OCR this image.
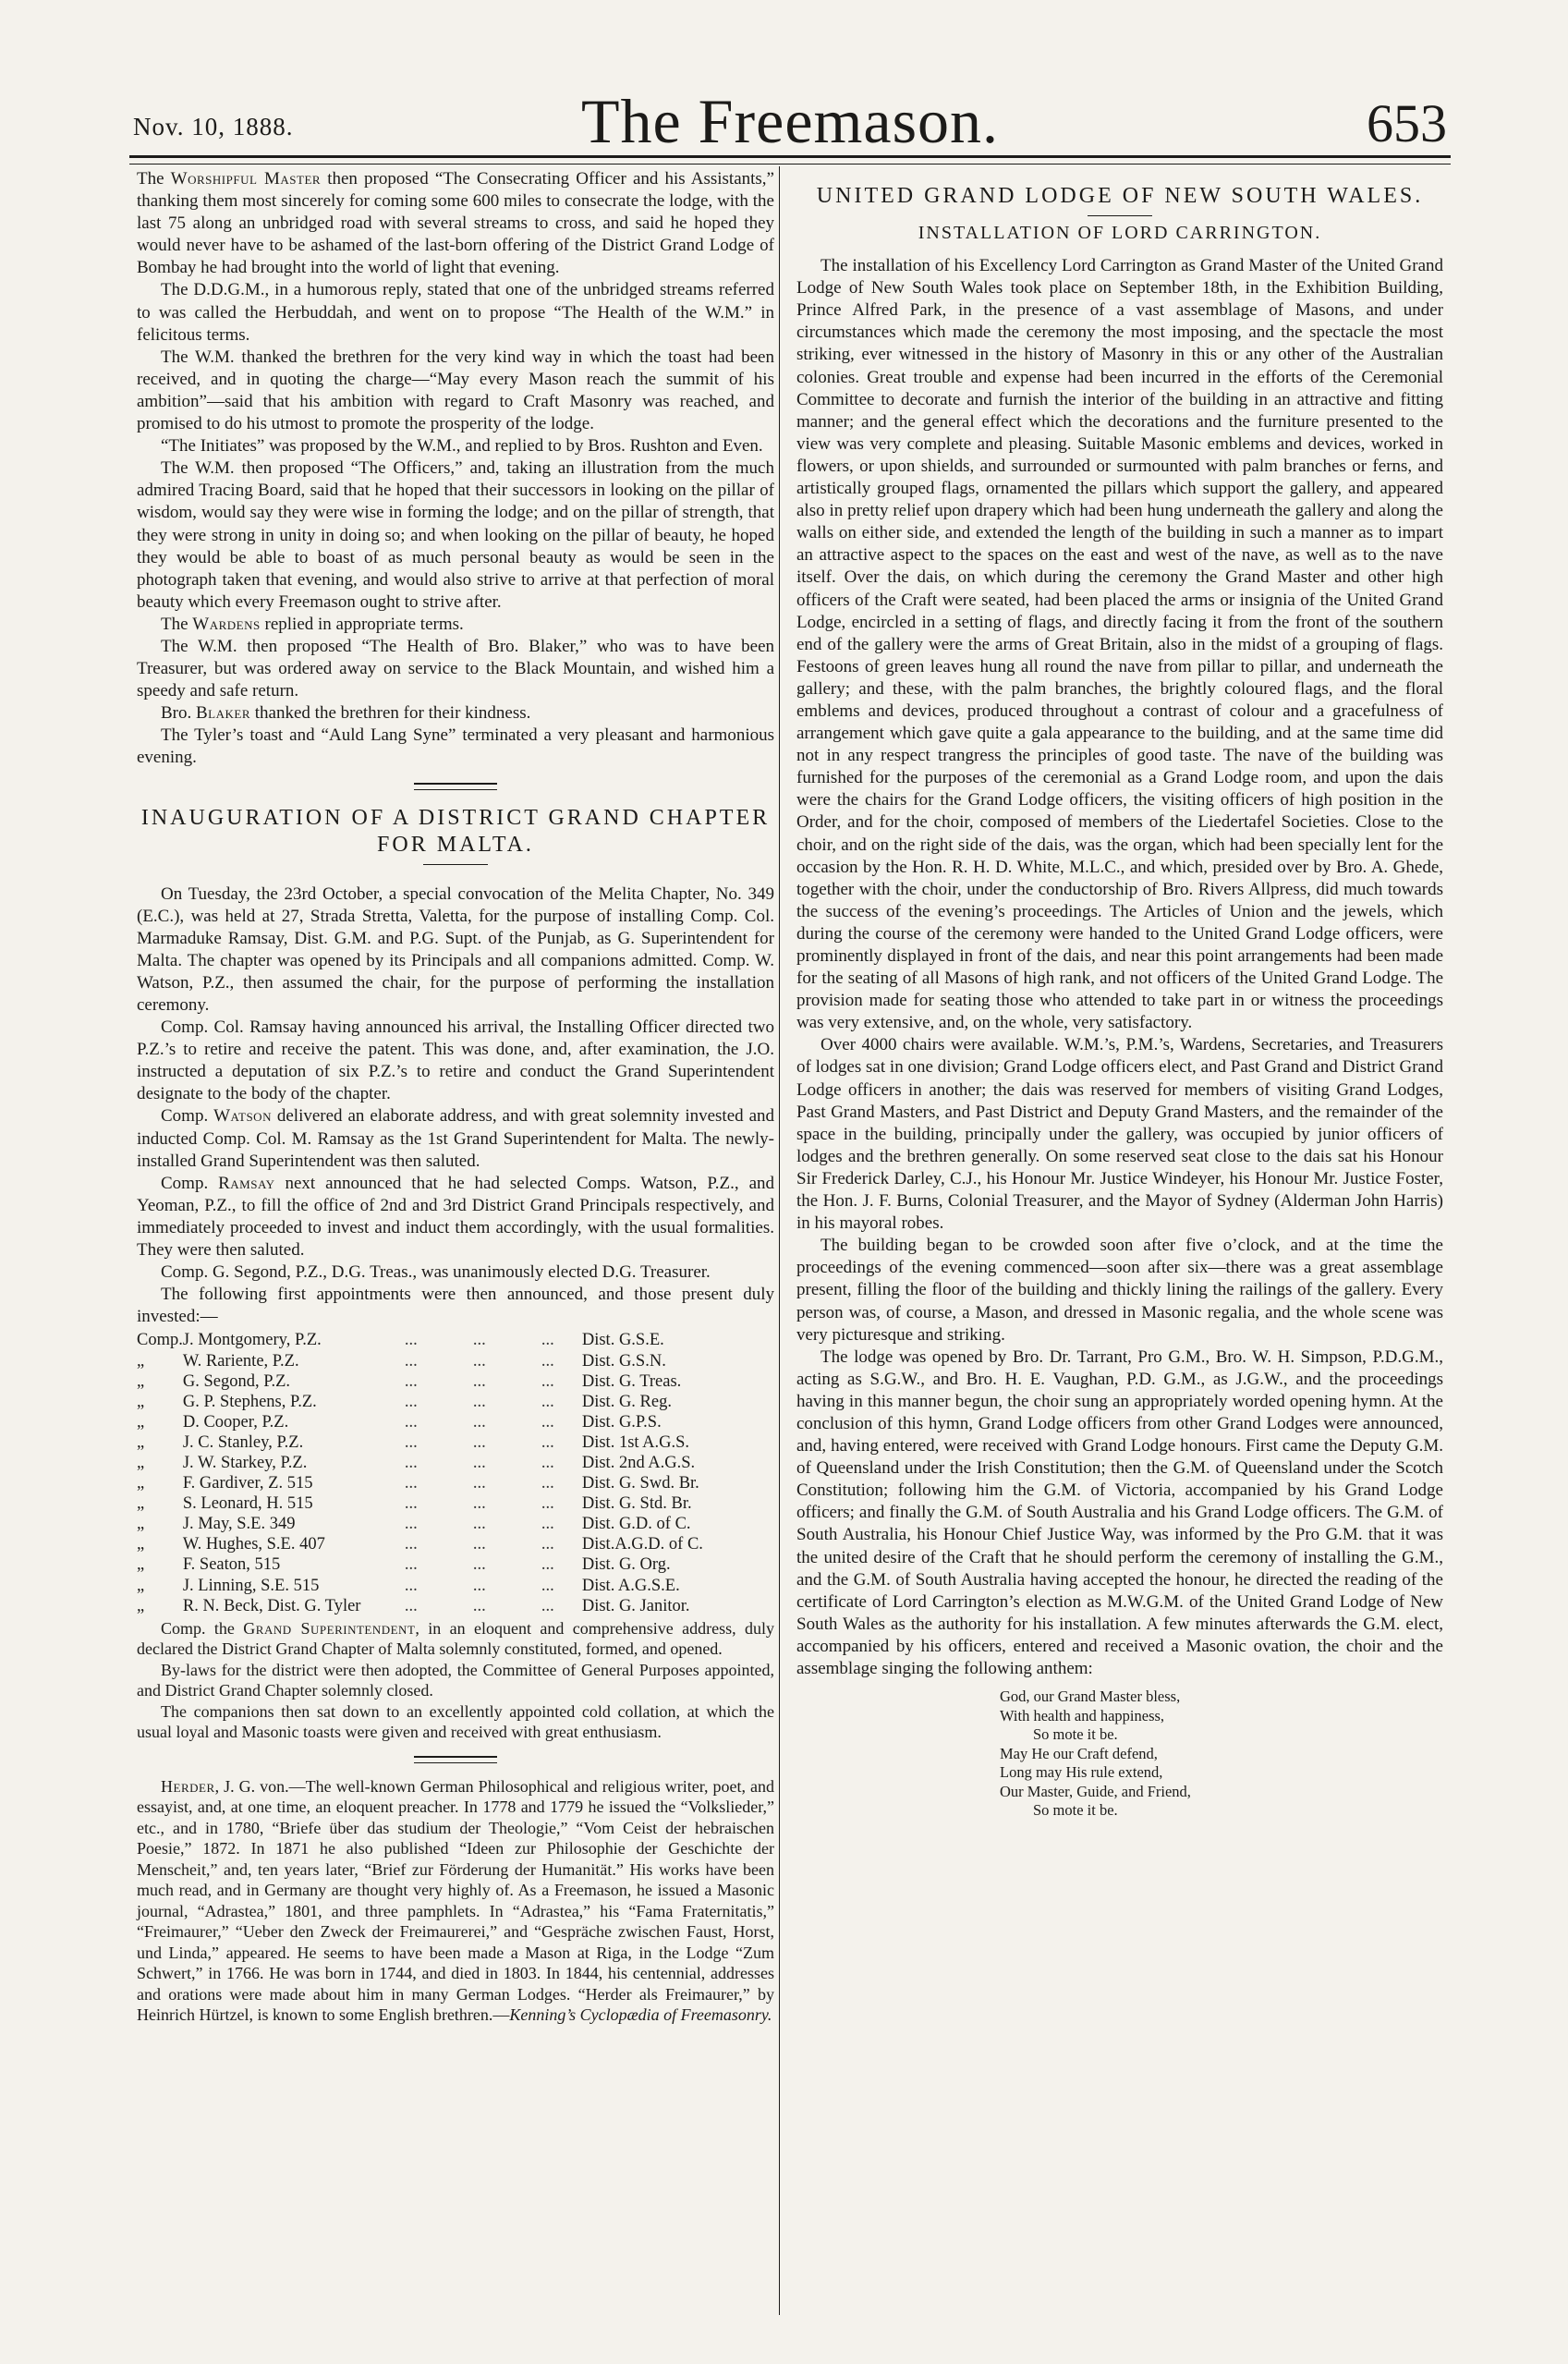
Nov. 10, 1888.	The Freemason.	653

The Worshipful Master then proposed “The Consecrating Officer and his Assistants,” thanking them most sincerely for coming some 600 miles to consecrate the lodge, with the last 75 along an unbridged road with several streams to cross, and said he hoped they would never have to be ashamed of the last-born offering of the District Grand Lodge of Bombay he had brought into the world of light that evening.

The D.D.G.M., in a humorous reply, stated that one of the unbridged streams referred to was called the Herbuddah, and went on to propose “The Health of the W.M.” in felicitous terms.

The W.M. thanked the brethren for the very kind way in which the toast had been received, and in quoting the charge—“May every Mason reach the summit of his ambition”—said that his ambition with regard to Craft Masonry was reached, and promised to do his utmost to promote the prosperity of the lodge.

“The Initiates” was proposed by the W.M., and replied to by Bros. Rushton and Even.

The W.M. then proposed “The Officers,” and, taking an illustration from the much admired Tracing Board, said that he hoped that their successors in looking on the pillar of wisdom, would say they were wise in forming the lodge; and on the pillar of strength, that they were strong in unity in doing so; and when looking on the pillar of beauty, he hoped they would be able to boast of as much personal beauty as would be seen in the photograph taken that evening, and would also strive to arrive at that perfection of moral beauty which every Freemason ought to strive after.

The Wardens replied in appropriate terms.

The W.M. then proposed “The Health of Bro. Blaker,” who was to have been Treasurer, but was ordered away on service to the Black Mountain, and wished him a speedy and safe return.

Bro. Blaker thanked the brethren for their kindness.

The Tyler’s toast and “Auld Lang Syne” terminated a very pleasant and harmonious evening.

INAUGURATION OF A DISTRICT GRAND CHAPTER FOR MALTA.

On Tuesday, the 23rd October, a special convocation of the Melita Chapter, No. 349 (E.C.), was held at 27, Strada Stretta, Valetta, for the purpose of installing Comp. Col. Marmaduke Ramsay, Dist. G.M. and P.G. Supt. of the Punjab, as G. Superintendent for Malta. The chapter was opened by its Principals and all companions admitted. Comp. W. Watson, P.Z., then assumed the chair, for the purpose of performing the installation ceremony.

Comp. Col. Ramsay having announced his arrival, the Installing Officer directed two P.Z.’s to retire and receive the patent. This was done, and, after examination, the J.O. instructed a deputation of six P.Z.’s to retire and conduct the Grand Superintendent designate to the body of the chapter.

Comp. Watson delivered an elaborate address, and with great solemnity invested and inducted Comp. Col. M. Ramsay as the 1st Grand Superintendent for Malta. The newly-installed Grand Superintendent was then saluted.

Comp. Ramsay next announced that he had selected Comps. Watson, P.Z., and Yeoman, P.Z., to fill the office of 2nd and 3rd District Grand Principals respectively, and immediately proceeded to invest and induct them accordingly, with the usual formalities. They were then saluted.

Comp. G. Segond, P.Z., D.G. Treas., was unanimously elected D.G. Treasurer.

The following first appointments were then announced, and those present duly invested:—

Comp.	J. Montgomery, P.Z.	...	...	...	Dist. G.S.E.
„	W. Rariente, P.Z.	...	...	...	Dist. G.S.N.
„	G. Segond, P.Z.	...	...	...	Dist. G. Treas.
„	G. P. Stephens, P.Z.	...	...	...	Dist. G. Reg.
„	D. Cooper, P.Z.	...	...	...	Dist. G.P.S.
„	J. C. Stanley, P.Z.	...	...	...	Dist. 1st A.G.S.
„	J. W. Starkey, P.Z.	...	...	...	Dist. 2nd A.G.S.
„	F. Gardiver, Z. 515	...	...	...	Dist. G. Swd. Br.
„	S. Leonard, H. 515	...	...	...	Dist. G. Std. Br.
„	J. May, S.E. 349	...	...	...	Dist. G.D. of C.
„	W. Hughes, S.E. 407	...	...	...	Dist.A.G.D. of C.
„	F. Seaton, 515	...	...	...	Dist. G. Org.
„	J. Linning, S.E. 515	...	...	...	Dist. A.G.S.E.
„	R. N. Beck, Dist. G. Tyler	...	...	...	Dist. G. Janitor.

Comp. the Grand Superintendent, in an eloquent and comprehensive address, duly declared the District Grand Chapter of Malta solemnly constituted, formed, and opened.

By-laws for the district were then adopted, the Committee of General Purposes appointed, and District Grand Chapter solemnly closed.

The companions then sat down to an excellently appointed cold collation, at which the usual loyal and Masonic toasts were given and received with great enthusiasm.

Herder, J. G. von.—The well-known German Philosophical and religious writer, poet, and essayist, and, at one time, an eloquent preacher. In 1778 and 1779 he issued the “Volkslieder,” etc., and in 1780, “Briefe über das studium der Theologie,” “Vom Ceist der hebraischen Poesie,” 1872. In 1871 he also published “Ideen zur Philosophie der Geschichte der Menscheit,” and, ten years later, “Brief zur Förderung der Humanität.” His works have been much read, and in Germany are thought very highly of. As a Freemason, he issued a Masonic journal, “Adrastea,” 1801, and three pamphlets. In “Adrastea,” his “Fama Fraternitatis,” “Freimaurer,” “Ueber den Zweck der Freimaurerei,” and “Gespräche zwischen Faust, Horst, und Linda,” appeared. He seems to have been made a Mason at Riga, in the Lodge “Zum Schwert,” in 1766. He was born in 1744, and died in 1803. In 1844, his centennial, addresses and orations were made about him in many German Lodges. “Herder als Freimaurer,” by Heinrich Hürtzel, is known to some English brethren.—Kenning’s Cyclopædia of Freemasonry.

UNITED GRAND LODGE OF NEW SOUTH WALES.
INSTALLATION OF LORD CARRINGTON.

The installation of his Excellency Lord Carrington as Grand Master of the United Grand Lodge of New South Wales took place on September 18th, in the Exhibition Building, Prince Alfred Park, in the presence of a vast assemblage of Masons, and under circumstances which made the ceremony the most imposing, and the spectacle the most striking, ever witnessed in the history of Masonry in this or any other of the Australian colonies. Great trouble and expense had been incurred in the efforts of the Ceremonial Committee to decorate and furnish the interior of the building in an attractive and fitting manner; and the general effect which the decorations and the furniture presented to the view was very complete and pleasing. Suitable Masonic emblems and devices, worked in flowers, or upon shields, and surrounded or surmounted with palm branches or ferns, and artistically grouped flags, ornamented the pillars which support the gallery, and appeared also in pretty relief upon drapery which had been hung underneath the gallery and along the walls on either side, and extended the length of the building in such a manner as to impart an attractive aspect to the spaces on the east and west of the nave, as well as to the nave itself. Over the dais, on which during the ceremony the Grand Master and other high officers of the Craft were seated, had been placed the arms or insignia of the United Grand Lodge, encircled in a setting of flags, and directly facing it from the front of the southern end of the gallery were the arms of Great Britain, also in the midst of a grouping of flags. Festoons of green leaves hung all round the nave from pillar to pillar, and underneath the gallery; and these, with the palm branches, the brightly coloured flags, and the floral emblems and devices, produced throughout a contrast of colour and a gracefulness of arrangement which gave quite a gala appearance to the building, and at the same time did not in any respect trangress the principles of good taste. The nave of the building was furnished for the purposes of the ceremonial as a Grand Lodge room, and upon the dais were the chairs for the Grand Lodge officers, the visiting officers of high position in the Order, and for the choir, composed of members of the Liedertafel Societies. Close to the choir, and on the right side of the dais, was the organ, which had been specially lent for the occasion by the Hon. R. H. D. White, M.L.C., and which, presided over by Bro. A. Ghede, together with the choir, under the conductorship of Bro. Rivers Allpress, did much towards the success of the evening’s proceedings. The Articles of Union and the jewels, which during the course of the ceremony were handed to the United Grand Lodge officers, were prominently displayed in front of the dais, and near this point arrangements had been made for the seating of all Masons of high rank, and not officers of the United Grand Lodge. The provision made for seating those who attended to take part in or witness the proceedings was very extensive, and, on the whole, very satisfactory.

Over 4000 chairs were available. W.M.’s, P.M.’s, Wardens, Secretaries, and Treasurers of lodges sat in one division; Grand Lodge officers elect, and Past Grand and District Grand Lodge officers in another; the dais was reserved for members of visiting Grand Lodges, Past Grand Masters, and Past District and Deputy Grand Masters, and the remainder of the space in the building, principally under the gallery, was occupied by junior officers of lodges and the brethren generally. On some reserved seat close to the dais sat his Honour Sir Frederick Darley, C.J., his Honour Mr. Justice Windeyer, his Honour Mr. Justice Foster, the Hon. J. F. Burns, Colonial Treasurer, and the Mayor of Sydney (Alderman John Harris) in his mayoral robes.

The building began to be crowded soon after five o’clock, and at the time the proceedings of the evening commenced—soon after six—there was a great assemblage present, filling the floor of the building and thickly lining the railings of the gallery. Every person was, of course, a Mason, and dressed in Masonic regalia, and the whole scene was very picturesque and striking.

The lodge was opened by Bro. Dr. Tarrant, Pro G.M., Bro. W. H. Simpson, P.D.G.M., acting as S.G.W., and Bro. H. E. Vaughan, P.D. G.M., as J.G.W., and the proceedings having in this manner begun, the choir sung an appropriately worded opening hymn. At the conclusion of this hymn, Grand Lodge officers from other Grand Lodges were announced, and, having entered, were received with Grand Lodge honours. First came the Deputy G.M. of Queensland under the Irish Constitution; then the G.M. of Queensland under the Scotch Constitution; following him the G.M. of Victoria, accompanied by his Grand Lodge officers; and finally the G.M. of South Australia and his Grand Lodge officers. The G.M. of South Australia, his Honour Chief Justice Way, was informed by the Pro G.M. that it was the united desire of the Craft that he should perform the ceremony of installing the G.M., and the G.M. of South Australia having accepted the honour, he directed the reading of the certificate of Lord Carrington’s election as M.W.G.M. of the United Grand Lodge of New South Wales as the authority for his installation. A few minutes afterwards the G.M. elect, accompanied by his officers, entered and received a Masonic ovation, the choir and the assemblage singing the following anthem:

God, our Grand Master bless,
With health and happiness,
So mote it be.
May He our Craft defend,
Long may His rule extend,
Our Master, Guide, and Friend,
So mote it be.
